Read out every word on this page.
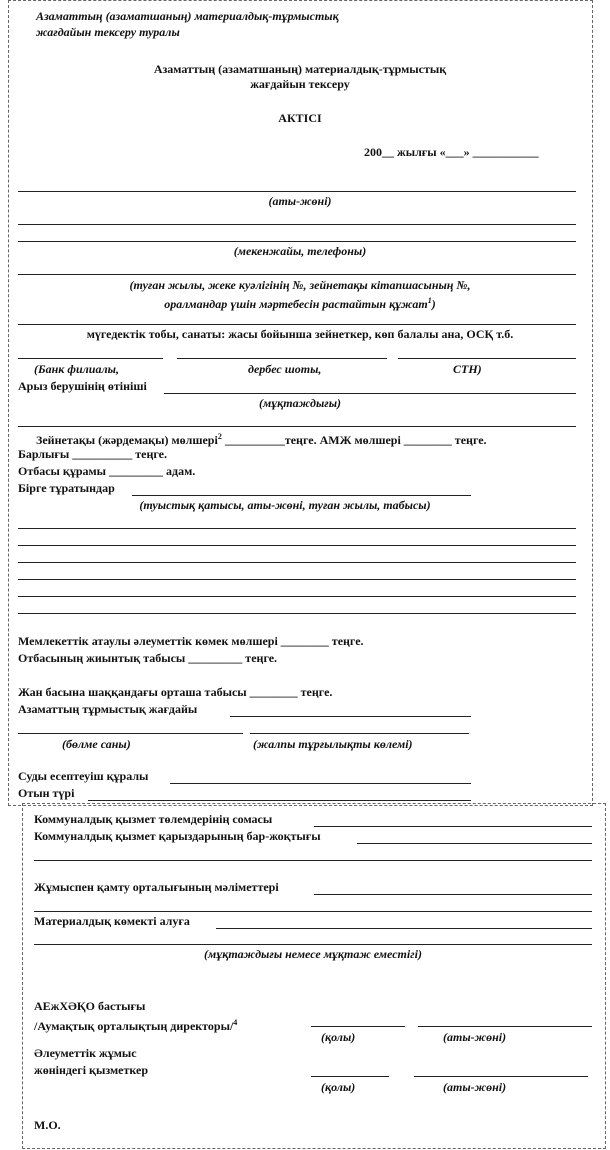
Азаматтың (азаматшаның) материалдық-тұрмыстық
жағдайын тексеру туралы
Азаматтың (азаматшаның) материалдық-тұрмыстық
жағдайын тексеру
АКТІСІ
200__ жылғы «___» ___________
(аты-жөні)
(мекенжайы, телефоны)
(туған жылы, жеке куәлігінің №, зейнетақы кітапшасының №,
оралмандар үшін мәртебесін растайтын құжат$^1$)
мүгедектік тобы, санаты: жасы бойынша зейнеткер, көп балалы ана, ОСҚ т.б.
(Банк филиалы,	дербес шоты,	СТН)
Арыз берушінің өтініші
(мұқтаждығы)
Зейнетақы (жәрдемақы) мөлшері$^2$ __________теңге. АМЖ мөлшері ________ теңге.
Барлығы __________ теңге.
Отбасы құрамы _________ адам.
Бірге тұратындар
(туыстық қатысы, аты-жөні, туған жылы, табысы)
Мемлекеттік атаулы әлеуметтік көмек мөлшері ________ теңге.
Отбасының жиынтық табысы _________ теңге.
Жан басына шаққандағы орташа табысы ________ теңге.
Азаматтың тұрмыстық жағдайы
(бөлме саны)	(жалпы тұрғылықты көлемі)
Суды есептеуіш құралы
Отын түрі
Коммуналдық қызмет төлемдерінің сомасы
Коммуналдық қызмет қарыздарының бар-жоқтығы
Жұмыспен қамту орталығының мәліметтері
Материалдық көмекті алуға
(мұқтаждығы немесе мұқтаж еместігі)
АЕжХӘҚО бастығы
/Аумақтық орталықтың директоры/$^4$
(қолы)	(аты-жөні)
Әлеуметтік жұмыс
жөніндегі қызметкер
(қолы)	(аты-жөні)
М.О.
